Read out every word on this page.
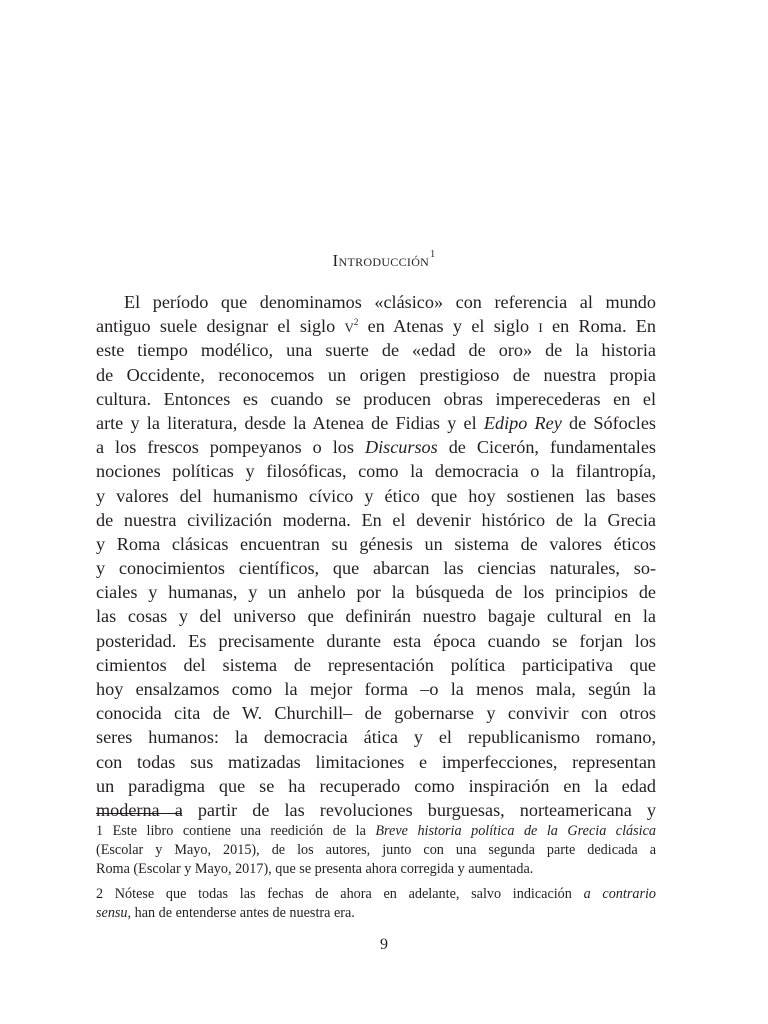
Introducción$^1$
El período que denominamos «clásico» con referencia al mundo
antiguo suele designar el siglo v$^2$ en Atenas y el siglo i en Roma. En
este tiempo modélico, una suerte de «edad de oro» de la historia
de Occidente, reconocemos un origen prestigioso de nuestra propia
cultura. Entonces es cuando se producen obras imperecederas en el
arte y la literatura, desde la Atenea de Fidias y el Edipo Rey de Sófocles
a los frescos pompeyanos o los Discursos de Cicerón, fundamentales
nociones políticas y filosóficas, como la democracia o la filantropía,
y valores del humanismo cívico y ético que hoy sostienen las bases
de nuestra civilización moderna. En el devenir histórico de la Grecia
y Roma clásicas encuentran su génesis un sistema de valores éticos
y conocimientos científicos, que abarcan las ciencias naturales, so-
ciales y humanas, y un anhelo por la búsqueda de los principios de
las cosas y del universo que definirán nuestro bagaje cultural en la
posteridad. Es precisamente durante esta época cuando se forjan los
cimientos del sistema de representación política participativa que
hoy ensalzamos como la mejor forma –o la menos mala, según la
conocida cita de W. Churchill– de gobernarse y convivir con otros
seres humanos: la democracia ática y el republicanismo romano,
con todas sus matizadas limitaciones e imperfecciones, representan
un paradigma que se ha recuperado como inspiración en la edad
moderna a partir de las revoluciones burguesas, norteamericana y
1 Este libro contiene una reedición de la Breve historia política de la Grecia clásica
(Escolar y Mayo, 2015), de los autores, junto con una segunda parte dedicada a
Roma (Escolar y Mayo, 2017), que se presenta ahora corregida y aumentada.
2 Nótese que todas las fechas de ahora en adelante, salvo indicación a contrario
sensu, han de entenderse antes de nuestra era.
9
